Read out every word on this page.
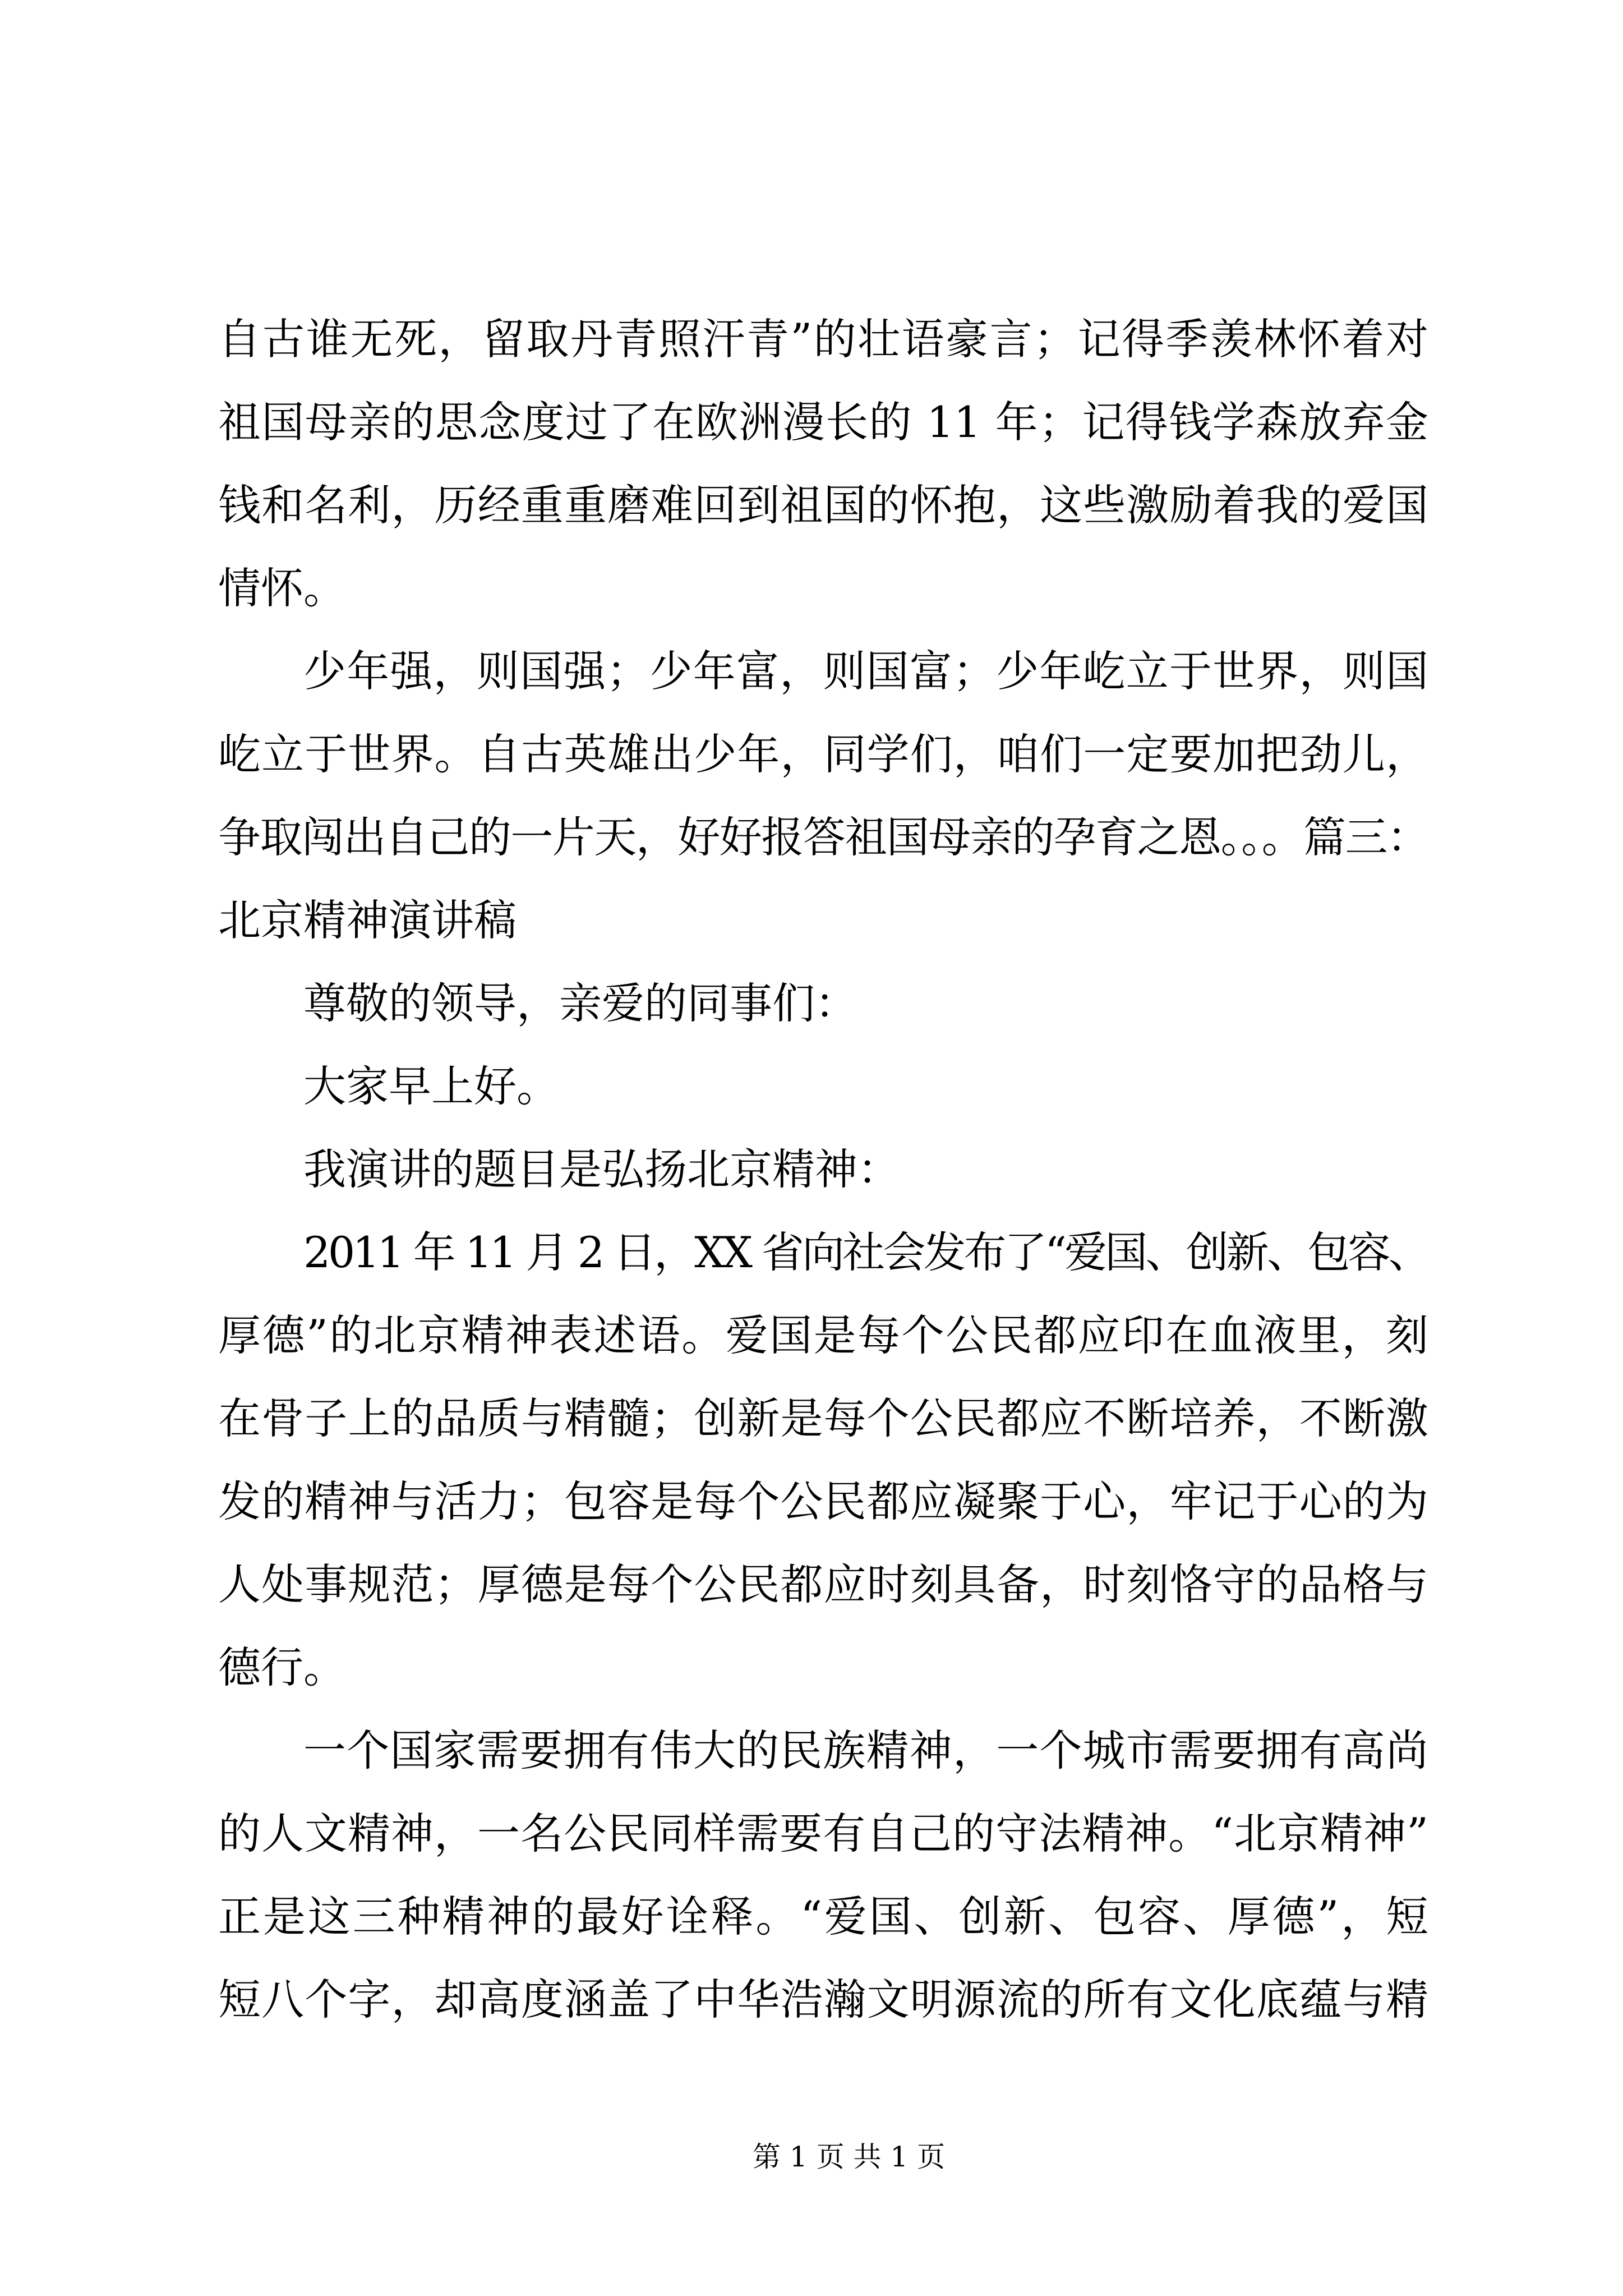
自古谁无死，留取丹青照汗青”的壮语豪言；记得季羡林怀着对
祖国母亲的思念度过了在欧洲漫长的 11 年；记得钱学森放弃金
钱和名利，历经重重磨难回到祖国的怀抱，这些激励着我的爱国
情怀。
少年强，则国强；少年富，则国富；少年屹立于世界，则国
屹立于世界。自古英雄出少年，同学们，咱们一定要加把劲儿，
争取闯出自己的一片天，好好报答祖国母亲的孕育之恩。。。篇三：
北京精神演讲稿
尊敬的领导，亲爱的同事们：
大家早上好。
我演讲的题目是弘扬北京精神：
2011 年 11 月 2 日，XX 省向社会发布了“爱国、创新、包容、
厚德”的北京精神表述语。爱国是每个公民都应印在血液里，刻
在骨子上的品质与精髓；创新是每个公民都应不断培养，不断激
发的精神与活力；包容是每个公民都应凝聚于心，牢记于心的为
人处事规范；厚德是每个公民都应时刻具备，时刻恪守的品格与
德行。
一个国家需要拥有伟大的民族精神，一个城市需要拥有高尚
的人文精神，一名公民同样需要有自己的守法精神。“北京精神”
正是这三种精神的最好诠释。“爱国、创新、包容、厚德”，短
短八个字，却高度涵盖了中华浩瀚文明源流的所有文化底蕴与精
第 1 页 共 1 页
